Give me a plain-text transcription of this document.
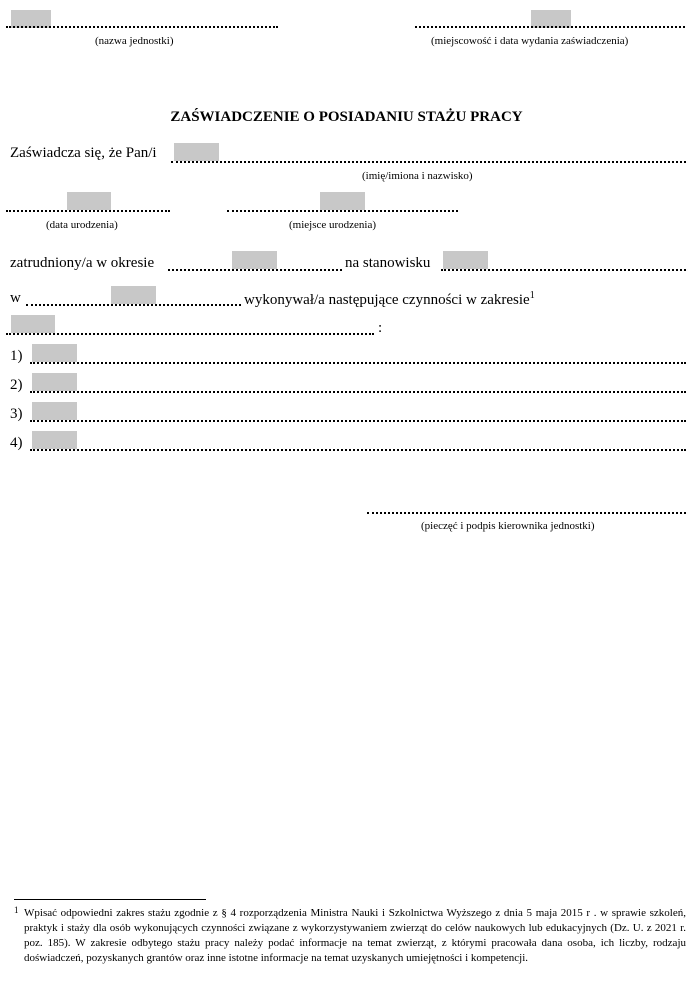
(nazwa jednostki)	(miejscowość i data wydania zaświadczenia)
ZAŚWIADCZENIE O POSIADANIU STAŻU PRACY
Zaświadcza się, że Pan/i
(imię/imiona i nazwisko)
(data urodzenia)	(miejsce urodzenia)
zatrudniony/a w okresie	na stanowisku
w	wykonywał/a następujące czynności w zakresie$^1$
:
1)
2)
3)
4)
(pieczęć i podpis kierownika jednostki)
1 Wpisać odpowiedni zakres stażu zgodnie z § 4 rozporządzenia Ministra Nauki i Szkolnictwa Wyższego z dnia 5 maja 2015 r . w sprawie szkoleń, praktyk i staży dla osób wykonujących czynności związane z wykorzystywaniem zwierząt do celów naukowych lub edukacyjnych (Dz. U. z 2021 r. poz. 185). W zakresie odbytego stażu pracy należy podać informacje na temat zwierząt, z którymi pracowała dana osoba, ich liczby, rodzaju doświadczeń, pozyskanych grantów oraz inne istotne informacje na temat uzyskanych umiejętności i kompetencji.
